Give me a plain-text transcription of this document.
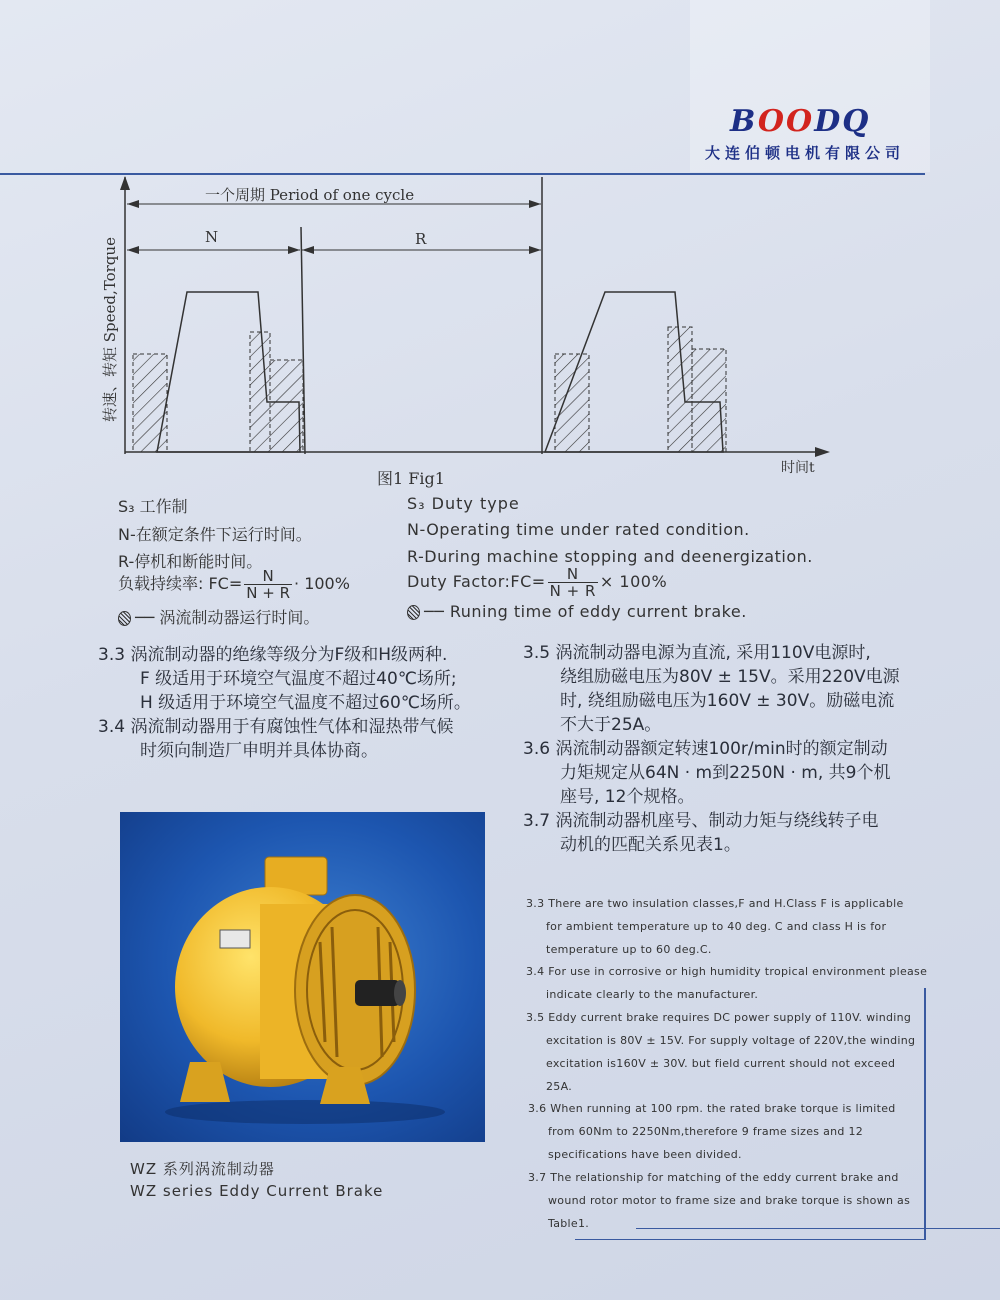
BOODQ
大连伯顿电机有限公司
一个周期 Period of one cycle
N	R
转速、转矩 Speed,Torque
时间t
图1 Fig1
S₃ 工作制
N-在额定条件下运行时间。
R-停机和断能时间。
负载持续率: $FC= \frac{N}{N + R} \cdot 100\%$
── 涡流制动器运行时间。
S₃ Duty type
N-Operating time under rated condition.
R-During machine stopping and deenergization.
Duty Factor:FC= $\frac{N}{N + R} \times 100\%$
── Runing time of eddy current brake.
3.3 涡流制动器的绝缘等级分为F级和H级两种.
F 级适用于环境空气温度不超过40℃场所;
H 级适用于环境空气温度不超过60℃场所。
3.4 涡流制动器用于有腐蚀性气体和湿热带气候
时须向制造厂申明并具体协商。
3.5 涡流制动器电源为直流, 采用110V电源时,
绕组励磁电压为80V ± 15V。采用220V电源
时, 绕组励磁电压为160V ± 30V。励磁电流
不大于25A。
3.6 涡流制动器额定转速100r/min时的额定制动
力矩规定从64N · m到2250N · m, 共9个机
座号, 12个规格。
3.7 涡流制动器机座号、制动力矩与绕线转子电
动机的匹配关系见表1。
WZ 系列涡流制动器
WZ series Eddy Current Brake
3.3 There are two insulation classes,F and H.Class F is applicable
for ambient temperature up to 40 deg. C and class H is for
temperature up to 60 deg.C.
3.4 For use in corrosive or high humidity tropical environment please
indicate clearly to the manufacturer.
3.5 Eddy current brake requires DC power supply of 110V. winding
excitation is 80V ± 15V. For supply voltage of 220V,the winding
excitation is160V ± 30V. but field current should not exceed
25A.
3.6 When running at 100 rpm. the rated brake torque is limited
from 60Nm to 2250Nm,therefore 9 frame sizes and 12
specifications have been divided.
3.7 The relationship for matching of the eddy current brake and
wound rotor motor to frame size and brake torque is shown as
Table1.
